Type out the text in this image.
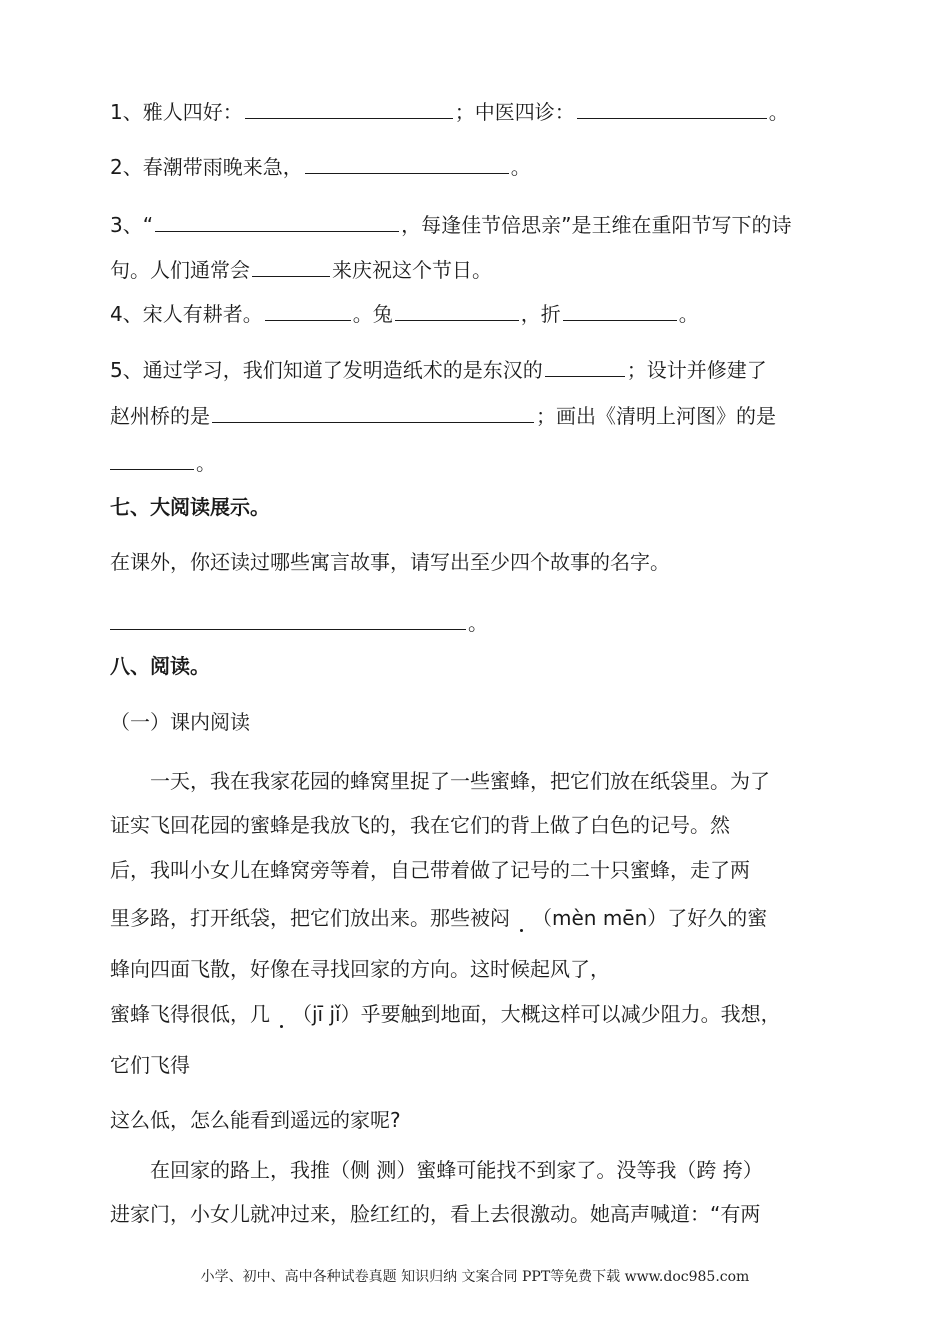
1、雅人四好：	；中医四诊：	。
2、春潮带雨晚来急，	。
3、“	，每逢佳节倍思亲”是王维在重阳节写下的诗
句。人们通常会	来庆祝这个节日。
4、宋人有耕者。	。兔	，折	。
5、通过学习，我们知道了发明造纸术的是东汉的	；设计并修建了
赵州桥的是	；画出《清明上河图》的是
。
七、大阅读展示。
在课外，你还读过哪些寓言故事，请写出至少四个故事的名字。
。
八、阅读。
（一）课内阅读
一天，我在我家花园的蜂窝里捉了一些蜜蜂，把它们放在纸袋里。为了
证实飞回花园的蜜蜂是我放飞的，我在它们的背上做了白色的记号。然
后，我叫小女儿在蜂窝旁等着，自己带着做了记号的二十只蜜蜂，走了两
里多路，打开纸袋，把它们放出来。那些被闷 （mèn mēn）了好久的蜜
蜂向四面飞散，好像在寻找回家的方向。这时候起风了，
蜜蜂飞得很低，几 （jī jǐ）乎要触到地面，大概这样可以减少阻力。我想，
它们飞得
这么低，怎么能看到遥远的家呢?
在回家的路上，我推（侧 测）蜜蜂可能找不到家了。没等我（跨 挎）
进家门，小女儿就冲过来，脸红红的，看上去很激动。她高声喊道：“有两
小学、初中、高中各种试卷真题 知识归纳 文案合同 PPT等免费下载 www.doc985.com
